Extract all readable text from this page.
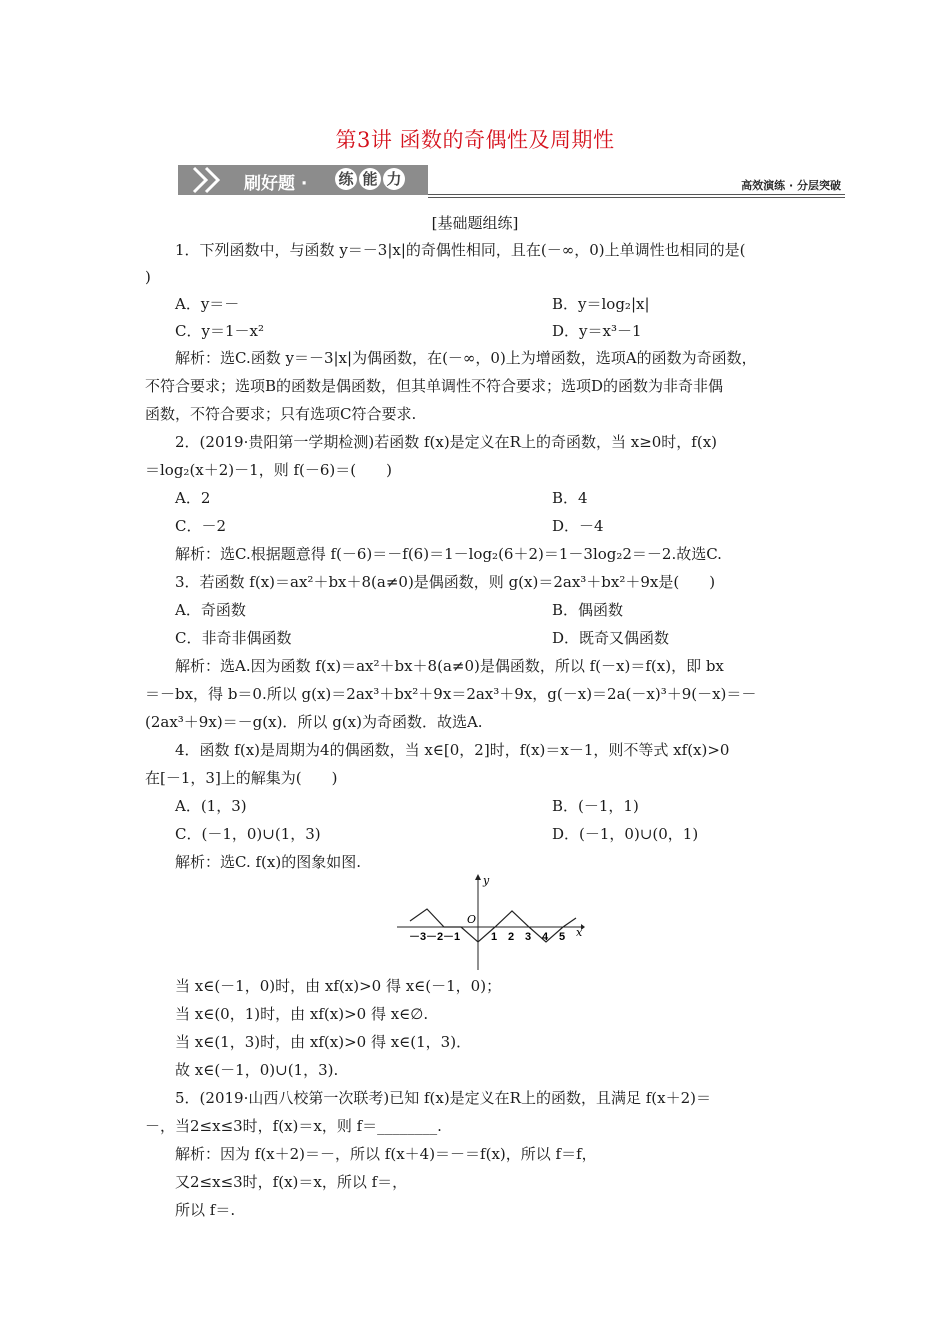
第3讲 函数的奇偶性及周期性
刷好题 · 练 能 力	高效演练 · 分层突破
[基础题组练]
1．下列函数中，与函数 y＝－3|x|的奇偶性相同，且在(－∞，0)上单调性也相同的是(
)
A．y＝－	B．y＝log₂|x|
C．y＝1－x²	D．y＝x³－1
解析：选C.函数 y＝－3|x|为偶函数，在(－∞，0)上为增函数，选项A的函数为奇函数，
不符合要求；选项B的函数是偶函数，但其单调性不符合要求；选项D的函数为非奇非偶
函数，不符合要求；只有选项C符合要求.
2．(2019·贵阳第一学期检测)若函数 f(x)是定义在R上的奇函数，当 x≥0时，f(x)
＝log₂(x＋2)－1，则 f(－6)＝(　　)
A．2	B．4
C．－2	D．－4
解析：选C.根据题意得 f(－6)＝－f(6)＝1－log₂(6＋2)＝1－3log₂2＝－2.故选C.
3．若函数 f(x)＝ax²＋bx＋8(a≠0)是偶函数，则 g(x)＝2ax³＋bx²＋9x是(　　)
A．奇函数	B．偶函数
C．非奇非偶函数	D．既奇又偶函数
解析：选A.因为函数 f(x)＝ax²＋bx＋8(a≠0)是偶函数，所以 f(－x)＝f(x)，即 bx
＝－bx，得 b＝0.所以 g(x)＝2ax³＋bx²＋9x＝2ax³＋9x，g(－x)＝2a(－x)³＋9(－x)＝－
(2ax³＋9x)＝－g(x)．所以 g(x)为奇函数．故选A.
4．函数 f(x)是周期为4的偶函数，当 x∈[0，2]时，f(x)＝x－1，则不等式 xf(x)>0
在[－1，3]上的解集为(　　)
A．(1，3)	B．(－1，1)
C．(－1，0)∪(1，3)	D．(－1，0)∪(0，1)
解析：选C. f(x)的图象如图.
y
x
O
－3 －2 －1	1 2 3 4 5
当 x∈(－1，0)时，由 xf(x)>0 得 x∈(－1，0)；
当 x∈(0，1)时，由 xf(x)>0 得 x∈∅.
当 x∈(1，3)时，由 xf(x)>0 得 x∈(1，3)．
故 x∈(－1，0)∪(1，3).
5．(2019·山西八校第一次联考)已知 f(x)是定义在R上的函数，且满足 f(x＋2)＝
－，当2≤x≤3时，f(x)＝x，则 f＝________.
解析：因为 f(x＋2)＝－，所以 f(x＋4)＝－＝f(x)，所以 f＝f，
又2≤x≤3时，f(x)＝x，所以 f＝，
所以 f＝.
